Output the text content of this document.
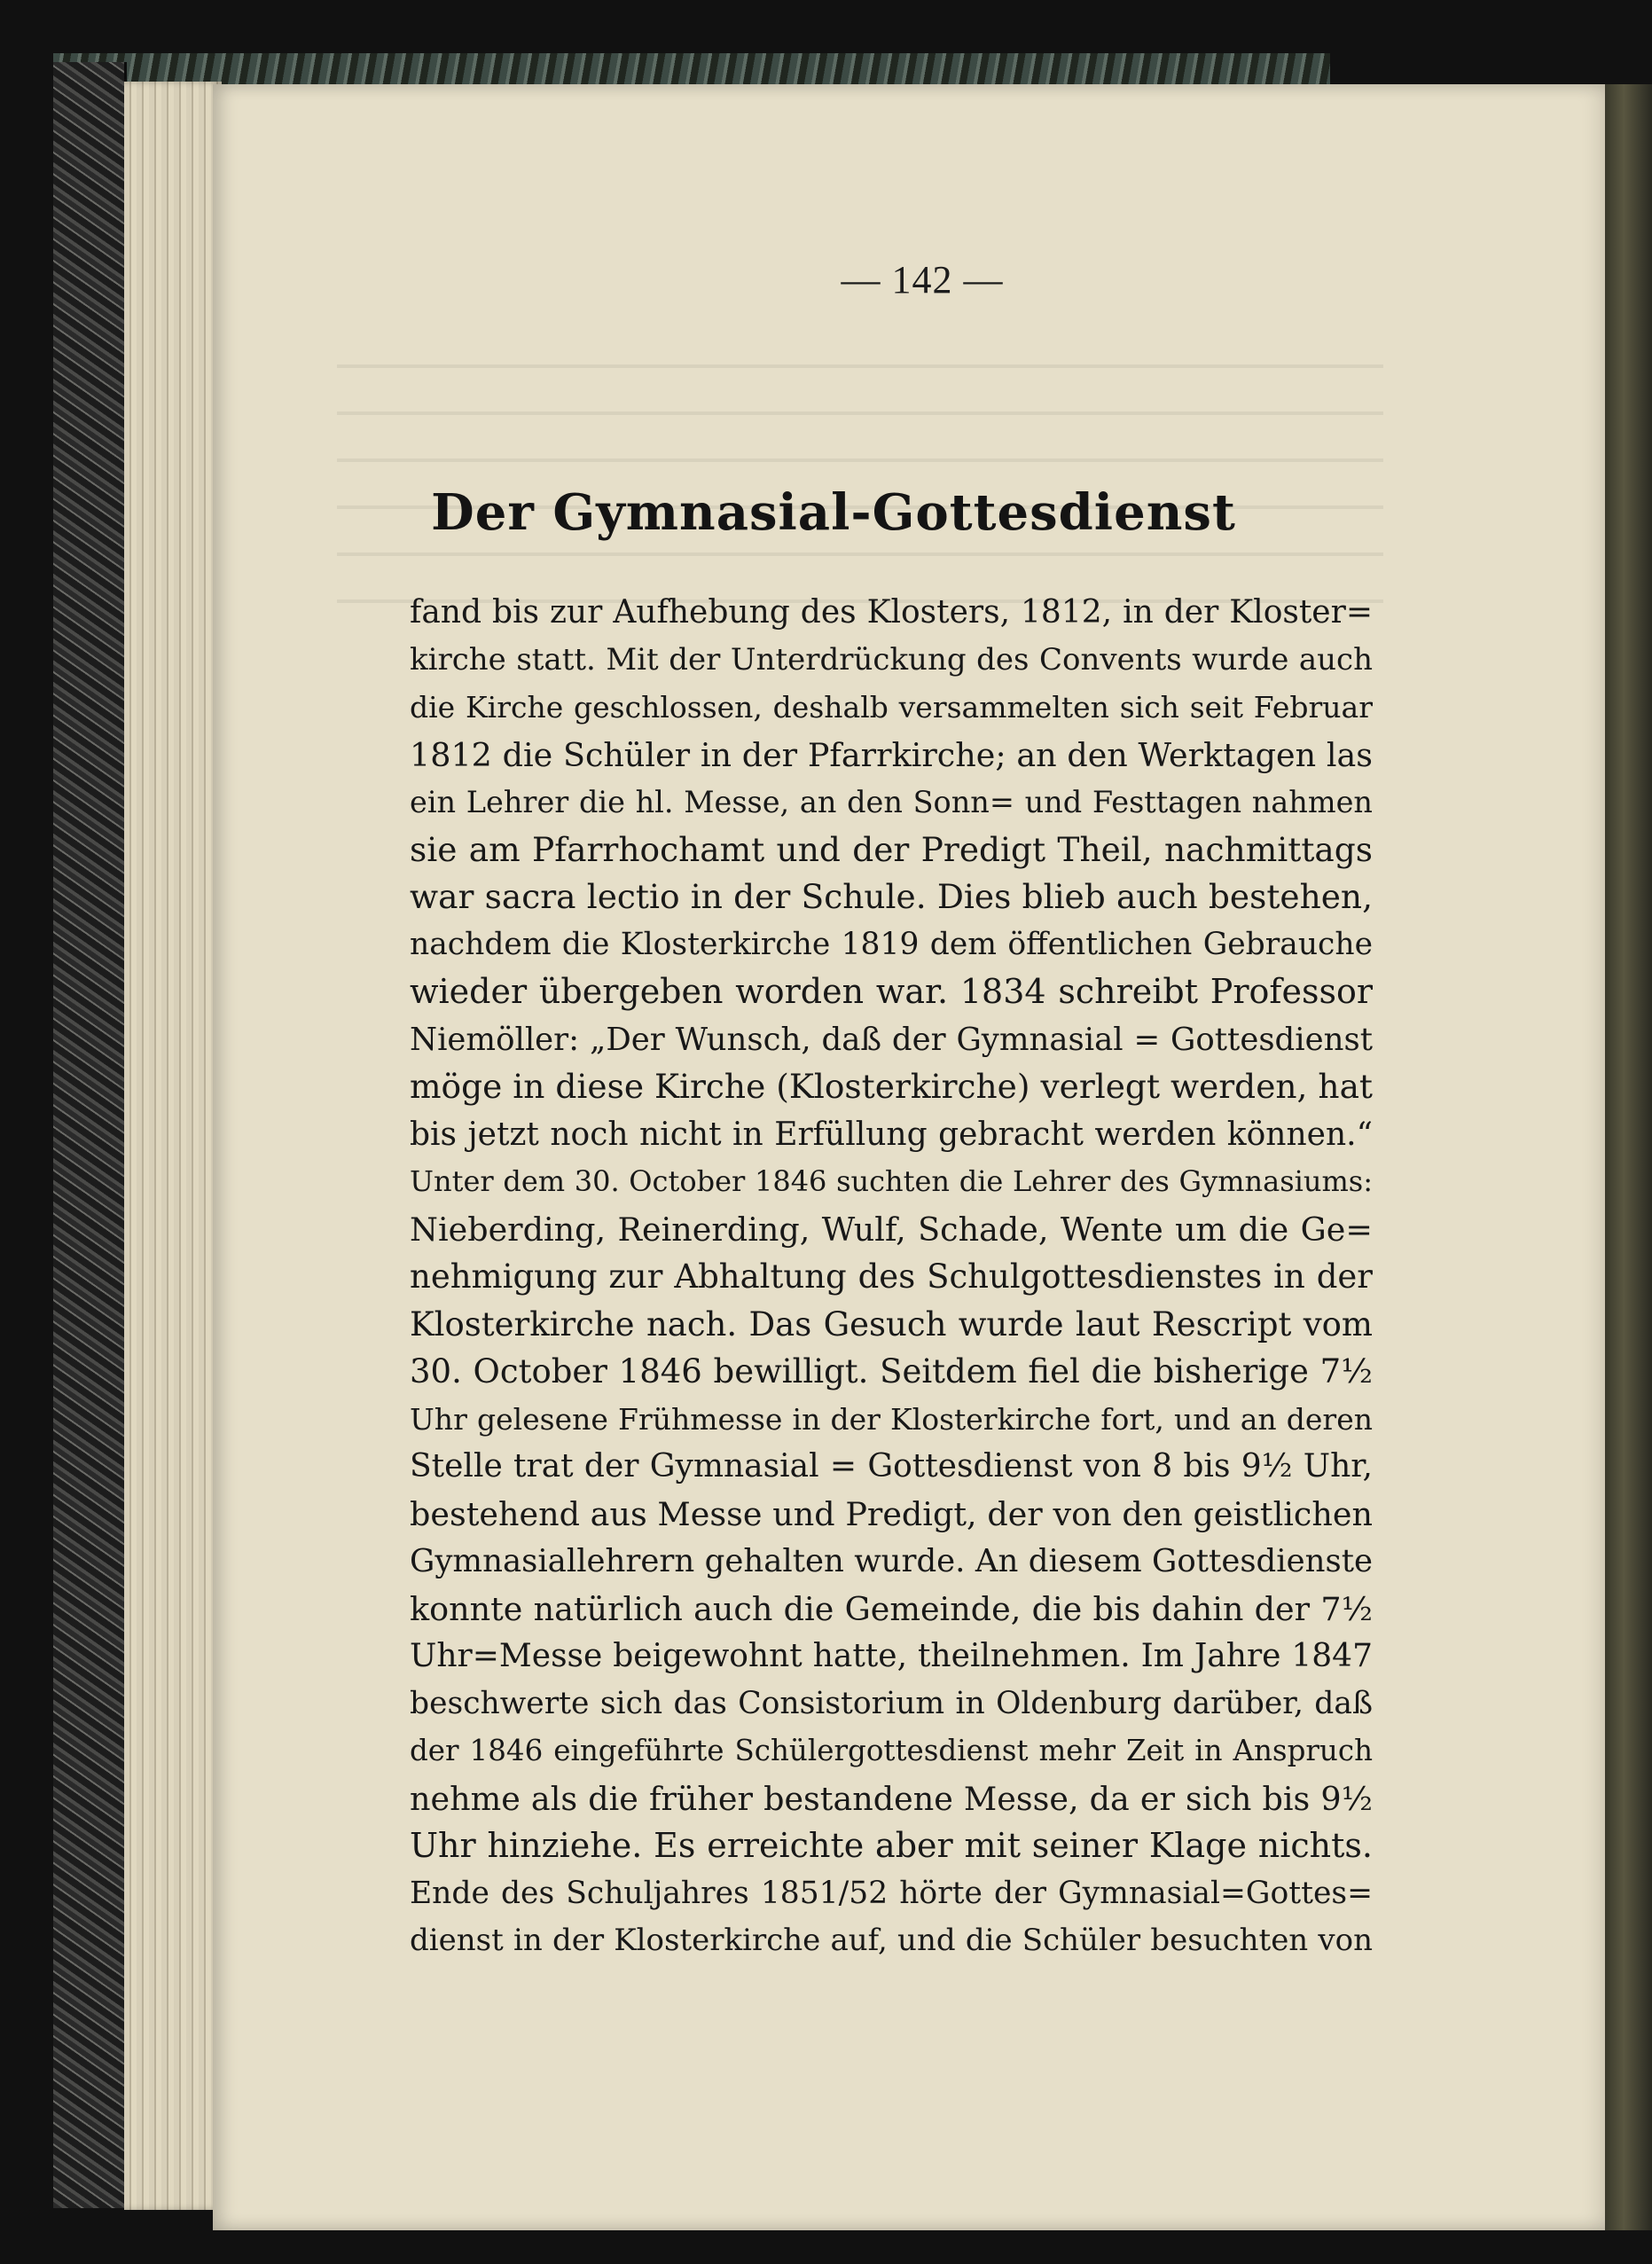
— 142 —
Der Gymnasial-Gottesdienst
fand bis zur Aufhebung des Klosters, 1812, in der Kloster=
kirche statt. Mit der Unterdrückung des Convents wurde auch
die Kirche geschlossen, deshalb versammelten sich seit Februar
1812 die Schüler in der Pfarrkirche; an den Werktagen las
ein Lehrer die hl. Messe, an den Sonn= und Festtagen nahmen
sie am Pfarrhochamt und der Predigt Theil, nachmittags
war sacra lectio in der Schule. Dies blieb auch bestehen,
nachdem die Klosterkirche 1819 dem öffentlichen Gebrauche
wieder übergeben worden war. 1834 schreibt Professor
Niemöller: „Der Wunsch, daß der Gymnasial = Gottesdienst
möge in diese Kirche (Klosterkirche) verlegt werden, hat
bis jetzt noch nicht in Erfüllung gebracht werden können.“
Unter dem 30. October 1846 suchten die Lehrer des Gymnasiums:
Nieberding, Reinerding, Wulf, Schade, Wente um die Ge=
nehmigung zur Abhaltung des Schulgottesdienstes in der
Klosterkirche nach. Das Gesuch wurde laut Rescript vom
30. October 1846 bewilligt. Seitdem fiel die bisherige 7½
Uhr gelesene Frühmesse in der Klosterkirche fort, und an deren
Stelle trat der Gymnasial = Gottesdienst von 8 bis 9½ Uhr,
bestehend aus Messe und Predigt, der von den geistlichen
Gymnasiallehrern gehalten wurde. An diesem Gottesdienste
konnte natürlich auch die Gemeinde, die bis dahin der 7½
Uhr=Messe beigewohnt hatte, theilnehmen. Im Jahre 1847
beschwerte sich das Consistorium in Oldenburg darüber, daß
der 1846 eingeführte Schülergottesdienst mehr Zeit in Anspruch
nehme als die früher bestandene Messe, da er sich bis 9½
Uhr hinziehe. Es erreichte aber mit seiner Klage nichts.
Ende des Schuljahres 1851/52 hörte der Gymnasial=Gottes=
dienst in der Klosterkirche auf, und die Schüler besuchten von
